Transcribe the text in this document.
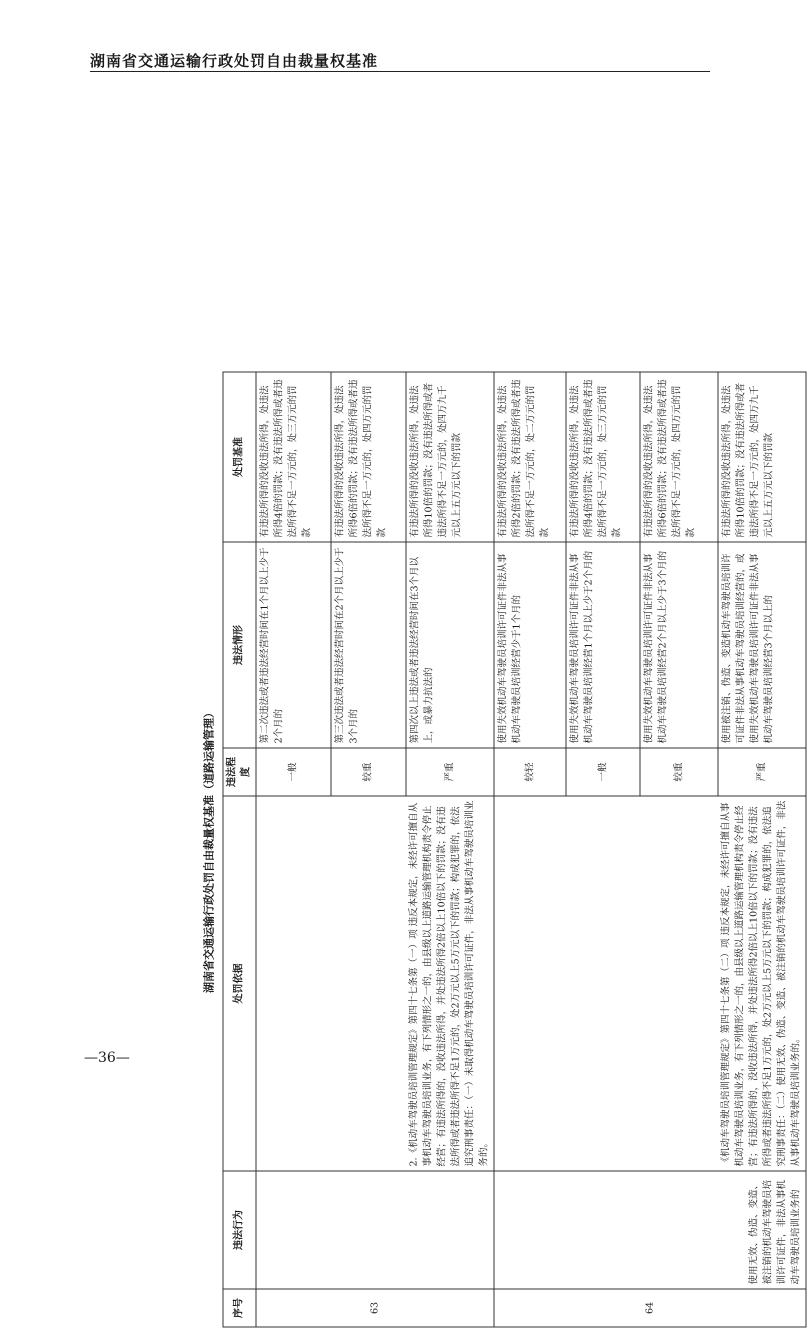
湖南省交通运输行政处罚自由裁量权基准
—36—
湖南省交通运输行政处罚自由裁量权基准（道路运输管理）
序号	违法行为	处罚依据	违法程度	违法情形	处罚基准
63		2.《机动车驾驶员培训管理规定》第四十七条第（一）项 违反本规定，未经许可擅自从事机动车驾驶员培训业务，有下列情形之一的，由县级以上道路运输管理机构责令停止经营；有违法所得的，没收违法所得，并处违法所得2倍以上10倍以下的罚款；没有违法所得或者违法所得不足1万元的，处2万元以上5万元以下的罚款；构成犯罪的，依法追究刑事责任：（一）未取得机动车驾驶员培训许可证件，非法从事机动车驾驶员培训业务的。	一般	第二次违法或者违法经营时间在1个月以上少于2个月的	有违法所得的没收违法所得，处违法所得4倍的罚款；没有违法所得或者违法所得不足一万元的，处三万元的罚款
			较重	第三次违法或者违法经营时间在2个月以上少于3个月的	有违法所得的没收违法所得，处违法所得6倍的罚款；没有违法所得或者违法所得不足一万元的，处四万元的罚款
			严重	第四次以上违法或者违法经营时间在3个月以上，或暴力抗法的	有违法所得的没收违法所得，处违法所得10倍的罚款；没有违法所得或者违法所得不足一万元的，处四万九千元以上五万元以下的罚款
64	使用无效、伪造、变造、被注销的机动车驾驶员培训许可证件，非法从事机动车驾驶员培训业务的	《机动车驾驶员培训管理规定》第四十七条第（二）项 违反本规定，未经许可擅自从事机动车驾驶员培训业务，有下列情形之一的，由县级以上道路运输管理机构责令停止经营；有违法所得的，没收违法所得，并处违法所得2倍以上10倍以下的罚款；没有违法所得或者违法所得不足1万元的，处2万元以上5万元以下的罚款；构成犯罪的，依法追究刑事责任：（二）使用无效、伪造、变造、被注销的机动车驾驶员培训许可证件，非法从事机动车驾驶员培训业务的。	较轻	使用失效机动车驾驶员培训许可证件非法从事机动车驾驶员培训经营少于1个月的	有违法所得的没收违法所得，处违法所得2倍的罚款；没有违法所得或者违法所得不足一万元的，处二万元的罚款
			一般	使用失效机动车驾驶员培训许可证件非法从事机动车驾驶员培训经营1个月以上少于2个月的	有违法所得的没收违法所得，处违法所得4倍的罚款；没有违法所得或者违法所得不足一万元的，处三万元的罚款
			较重	使用失效机动车驾驶员培训许可证件非法从事机动车驾驶员培训经营2个月以上少于3个月的	有违法所得的没收违法所得，处违法所得6倍的罚款；没有违法所得或者违法所得不足一万元的，处四万元的罚款
			严重	使用被注销、伪造、变造机动车驾驶员培训许可证件非法从事机动车驾驶员培训经营的，或使用失效机动车驾驶员培训许可证件非法从事机动车驾驶员培训经营3个月以上的	有违法所得的没收违法所得，处违法所得10倍的罚款；没有违法所得或者违法所得不足一万元的，处四万九千元以上五万元以下的罚款
